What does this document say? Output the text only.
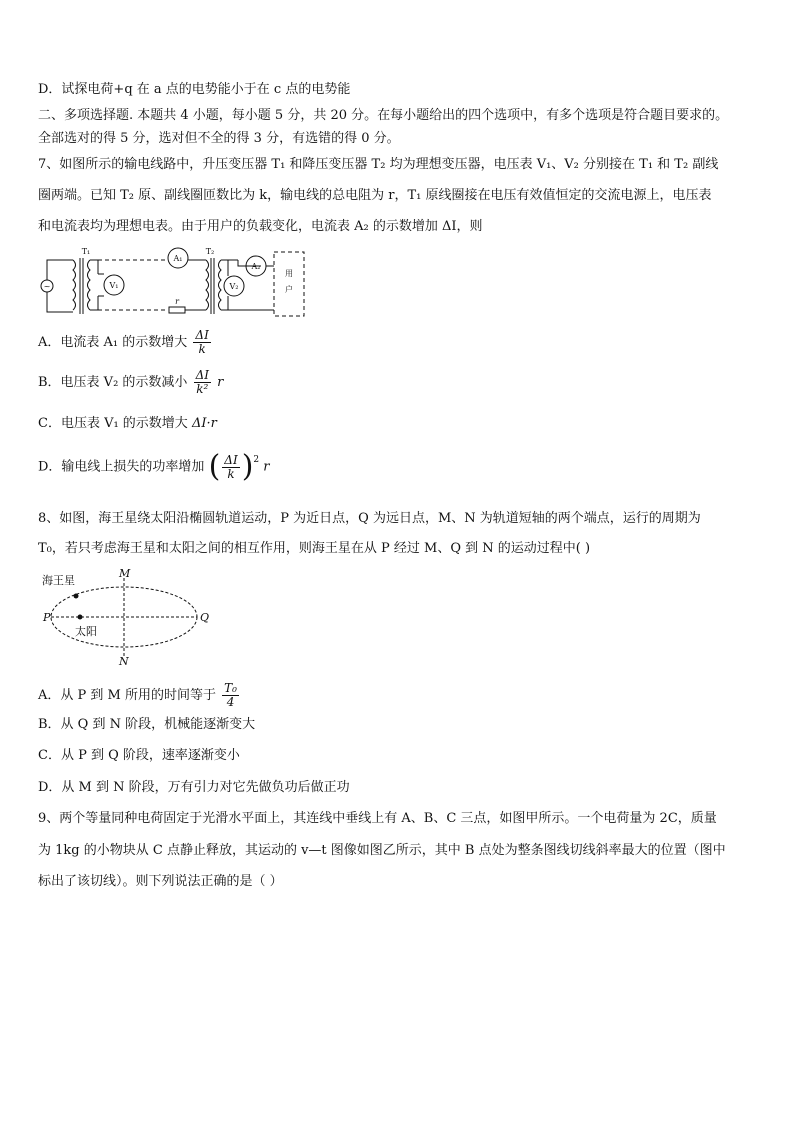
D．试探电荷+q 在 a 点的电势能小于在 c 点的电势能
二、多项选择题. 本题共 4 小题，每小题 5 分，共 20 分。在每小题给出的四个选项中，有多个选项是符合题目要求的。
全部选对的得 5 分，选对但不全的得 3 分，有选错的得 0 分。
7、如图所示的输电线路中，升压变压器 T₁ 和降压变压器 T₂ 均为理想变压器，电压表 V₁、V₂ 分别接在 T₁ 和 T₂ 副线
圈两端。已知 T₂ 原、副线圈匝数比为 k，输电线的总电阻为 r，T₁ 原线圈接在电压有效值恒定的交流电源上，电压表
和电流表均为理想电表。由于用户的负载变化，电流表 A₂ 的示数增加 ΔI，则
~
T₁
V₁
A₁
r
T₂
V₂
A₂
用
户
A．电流表 A₁ 的示数增大 $\frac{\Delta I}{k}$
B．电压表 V₂ 的示数减小 $\frac{\Delta I}{\text{k²}}$ r
C．电压表 V₁ 的示数增大 ΔI·r
D．输电线上损失的功率增加 ( $\frac{\Delta I}{k} )^2$ r
8、如图，海王星绕太阳沿椭圆轨道运动，P 为近日点，Q 为远日点，M、N 为轨道短轴的两个端点，运行的周期为
T₀，若只考虑海王星和太阳之间的相互作用，则海王星在从 P 经过 M、Q 到 N 的运动过程中( )
海王星
P
太阳
Q
M
N
A．从 P 到 M 所用的时间等于 $\frac{\text{T₀}}{4}$
B．从 Q 到 N 阶段，机械能逐渐变大
C．从 P 到 Q 阶段，速率逐渐变小
D．从 M 到 N 阶段，万有引力对它先做负功后做正功
9、两个等量同种电荷固定于光滑水平面上，其连线中垂线上有 A、B、C 三点，如图甲所示。一个电荷量为 2C，质量
为 1kg 的小物块从 C 点静止释放，其运动的 v—t 图像如图乙所示，其中 B 点处为整条图线切线斜率最大的位置（图中
标出了该切线）。则下列说法正确的是（ ）
